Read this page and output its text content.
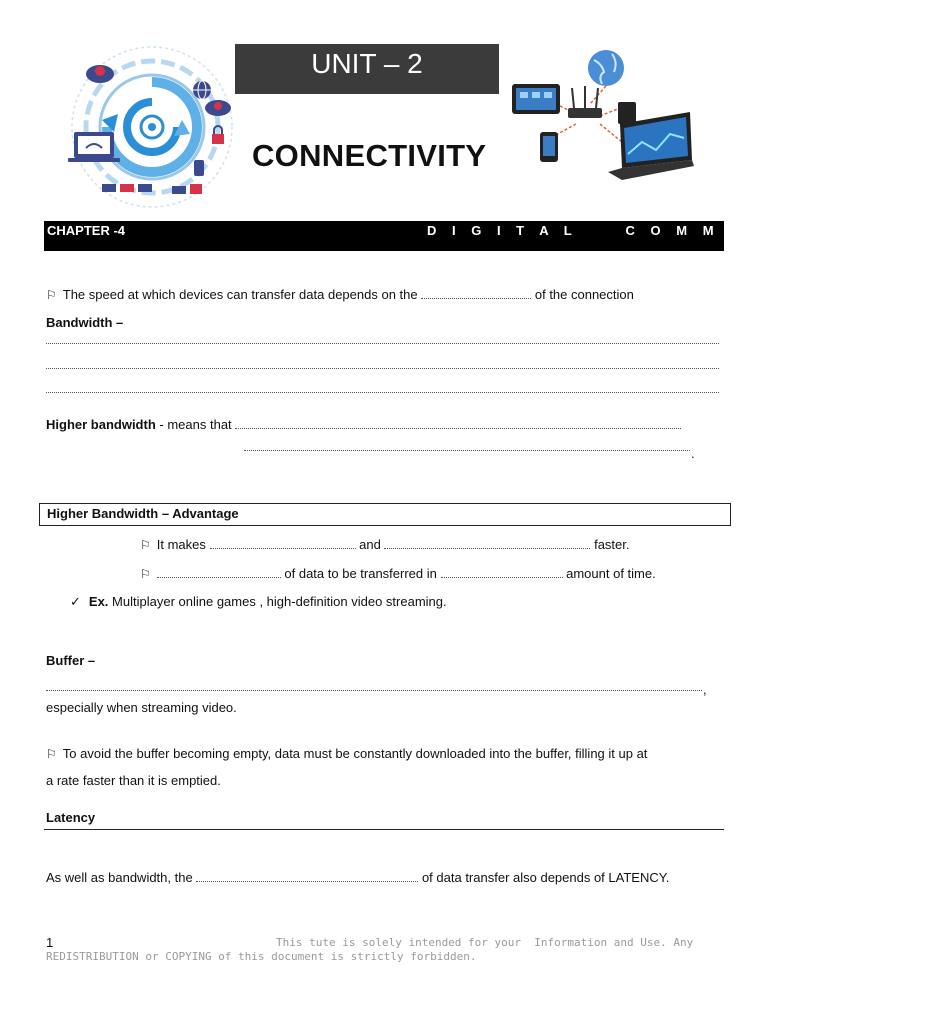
UNIT – 2
CONNECTIVITY
CHAPTER -4	D I G I T A L     C O M M U N I C A T I O N
⚐ The speed at which devices can transfer data depends on the	of the connection
Bandwidth –
Higher bandwidth - means that
.
Higher Bandwidth – Advantage
⚐ It makes	and	faster.
⚐	of data to be transferred in	amount of time.
✓ Ex. Multiplayer online games , high-definition video streaming.
Buffer –
,
especially when streaming video.
⚐ To avoid the buffer becoming empty, data must be constantly downloaded into the buffer, filling it up at
a rate faster than it is emptied.
Latency
As well as bandwidth, the	of data transfer also depends of LATENCY.
1	This tute is solely intended for your  Information and Use. Any
REDISTRIBUTION or COPYING of this document is strictly forbidden.
